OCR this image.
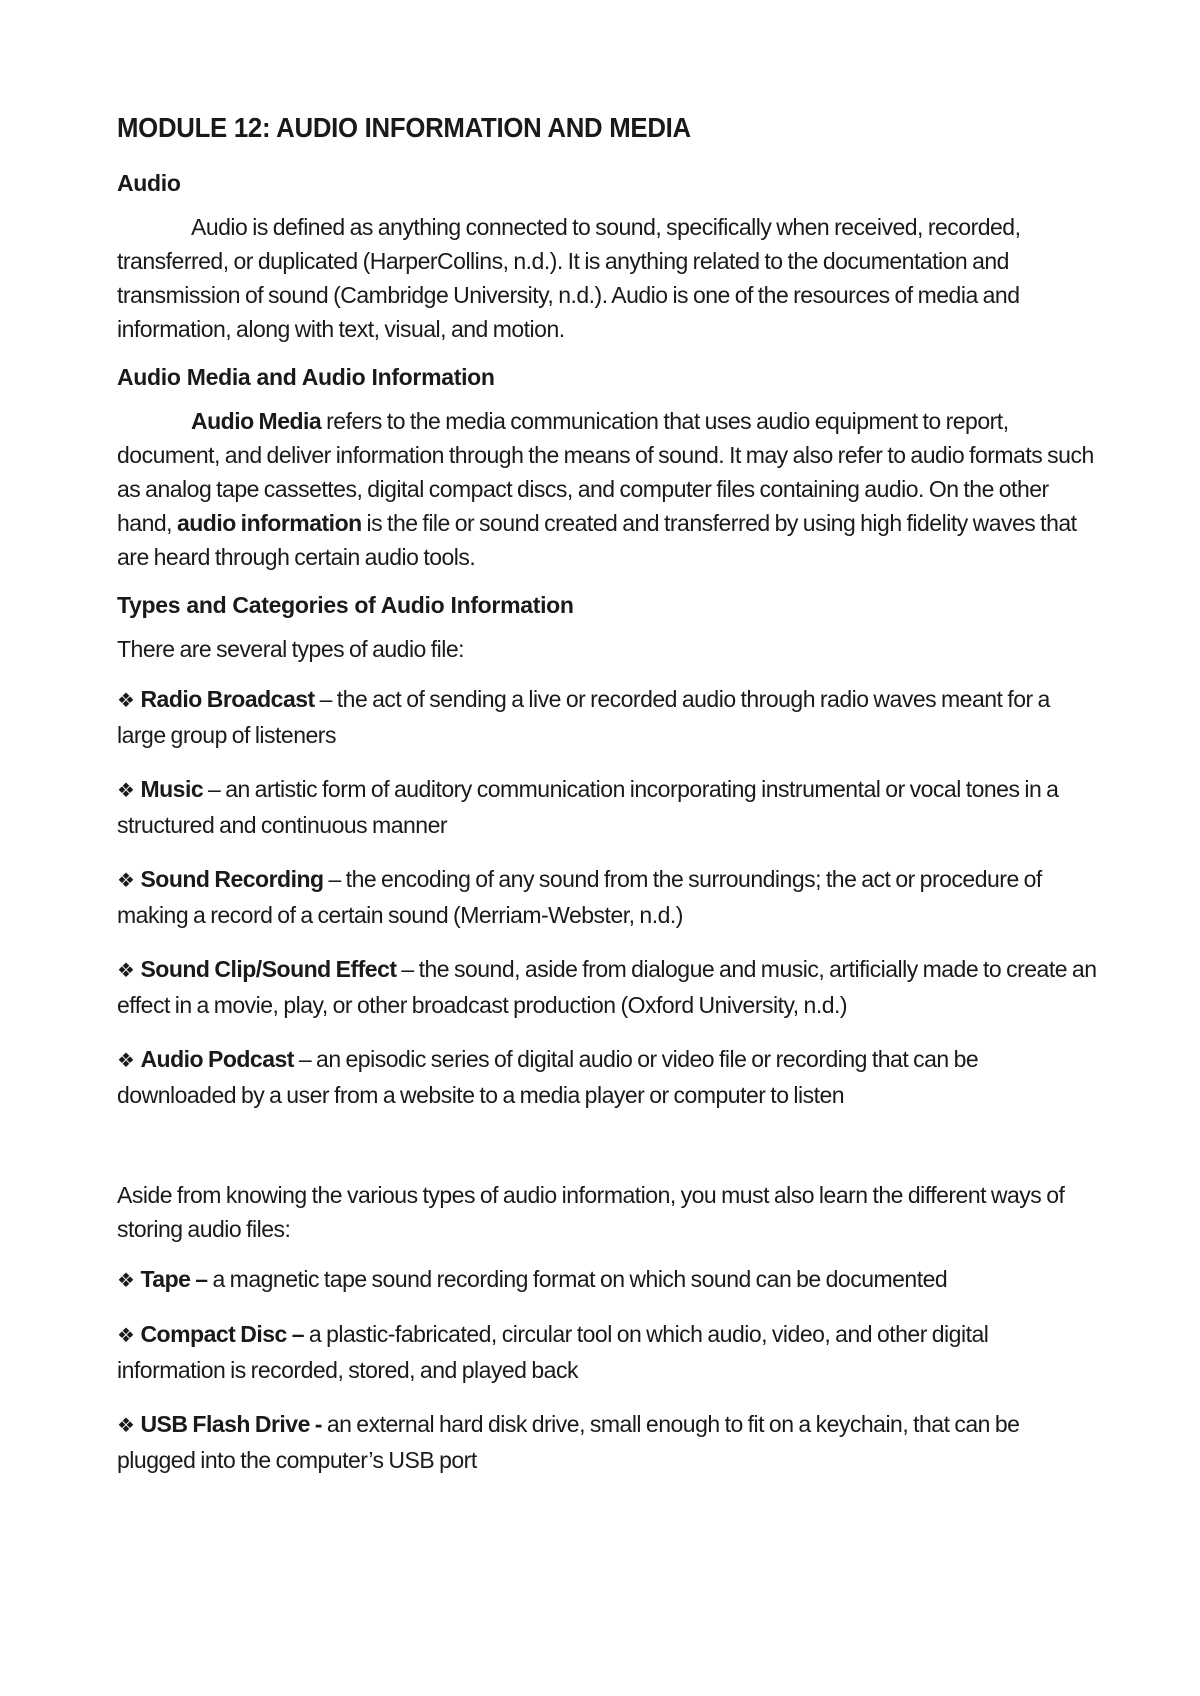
MODULE 12: AUDIO INFORMATION AND MEDIA
Audio
Audio is defined as anything connected to sound, specifically when received, recorded, transferred, or duplicated (HarperCollins, n.d.). It is anything related to the documentation and transmission of sound (Cambridge University, n.d.). Audio is one of the resources of media and information, along with text, visual, and motion.
Audio Media and Audio Information
Audio Media refers to the media communication that uses audio equipment to report, document, and deliver information through the means of sound. It may also refer to audio formats such as analog tape cassettes, digital compact discs, and computer files containing audio. On the other hand, audio information is the file or sound created and transferred by using high fidelity waves that are heard through certain audio tools.
Types and Categories of Audio Information
There are several types of audio file:
❖ Radio Broadcast – the act of sending a live or recorded audio through radio waves meant for a large group of listeners
❖ Music – an artistic form of auditory communication incorporating instrumental or vocal tones in a structured and continuous manner
❖ Sound Recording – the encoding of any sound from the surroundings; the act or procedure of making a record of a certain sound (Merriam-Webster, n.d.)
❖ Sound Clip/Sound Effect – the sound, aside from dialogue and music, artificially made to create an effect in a movie, play, or other broadcast production (Oxford University, n.d.)
❖ Audio Podcast – an episodic series of digital audio or video file or recording that can be downloaded by a user from a website to a media player or computer to listen
Aside from knowing the various types of audio information, you must also learn the different ways of storing audio files:
❖ Tape – a magnetic tape sound recording format on which sound can be documented
❖ Compact Disc – a plastic-fabricated, circular tool on which audio, video, and other digital information is recorded, stored, and played back
❖ USB Flash Drive - an external hard disk drive, small enough to fit on a keychain, that can be plugged into the computer’s USB port
